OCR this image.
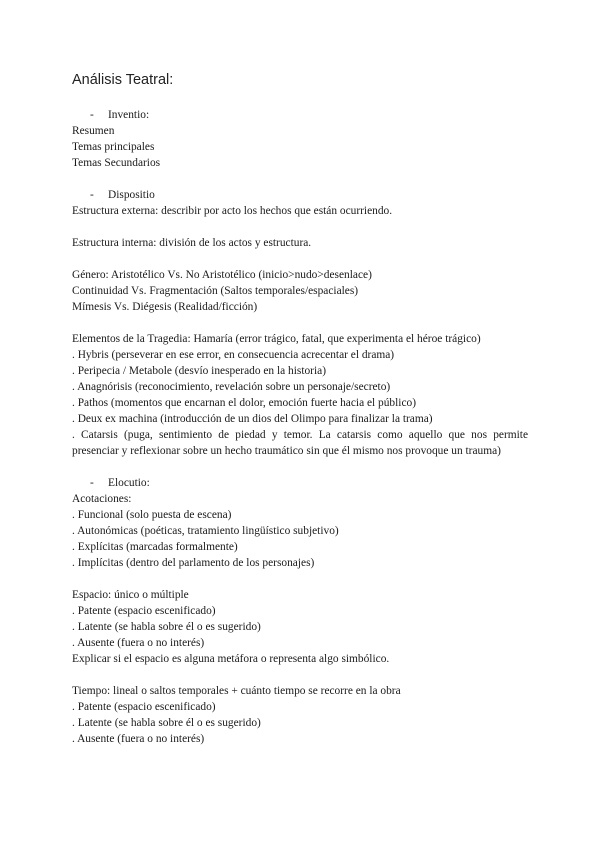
Análisis Teatral:
- Inventio:
Resumen
Temas principales
Temas Secundarios
- Dispositio
Estructura externa: describir por acto los hechos que están ocurriendo.
Estructura interna: división de los actos y estructura.
Género: Aristotélico Vs. No Aristotélico (inicio>nudo>desenlace)
Continuidad Vs. Fragmentación (Saltos temporales/espaciales)
Mímesis Vs. Diégesis (Realidad/ficción)
Elementos de la Tragedia: Hamaría (error trágico, fatal, que experimenta el héroe trágico)
. Hybris (perseverar en ese error, en consecuencia acrecentar el drama)
. Peripecia / Metabole (desvío inesperado en la historia)
. Anagnórisis (reconocimiento, revelación sobre un personaje/secreto)
. Pathos (momentos que encarnan el dolor, emoción fuerte hacia el público)
. Deux ex machina (introducción de un dios del Olimpo para finalizar la trama)
. Catarsis (puga, sentimiento de piedad y temor. La catarsis como aquello que nos permite presenciar y reflexionar sobre un hecho traumático sin que él mismo nos provoque un trauma)
- Elocutio:
Acotaciones:
. Funcional (solo puesta de escena)
. Autonómicas (poéticas, tratamiento lingüístico subjetivo)
. Explícitas (marcadas formalmente)
. Implícitas (dentro del parlamento de los personajes)
Espacio: único o múltiple
. Patente (espacio escenificado)
. Latente (se habla sobre él o es sugerido)
. Ausente (fuera o no interés)
Explicar si el espacio es alguna metáfora o representa algo simbólico.
Tiempo: lineal o saltos temporales + cuánto tiempo se recorre en la obra
. Patente (espacio escenificado)
. Latente (se habla sobre él o es sugerido)
. Ausente (fuera o no interés)
